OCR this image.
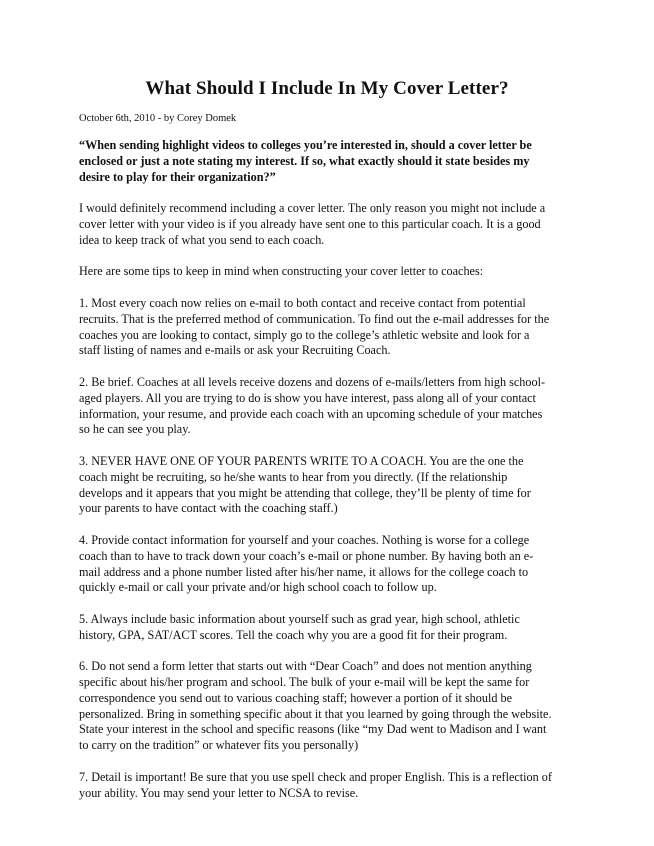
What Should I Include In My Cover Letter?
October 6th, 2010 - by Corey Domek

“When sending highlight videos to colleges you’re interested in, should a cover letter be
enclosed or just a note stating my interest. If so, what exactly should it state besides my
desire to play for their organization?”

I would definitely recommend including a cover letter. The only reason you might not include a
cover letter with your video is if you already have sent one to this particular coach. It is a good
idea to keep track of what you send to each coach.

Here are some tips to keep in mind when constructing your cover letter to coaches:

1. Most every coach now relies on e-mail to both contact and receive contact from potential
recruits. That is the preferred method of communication. To find out the e-mail addresses for the
coaches you are looking to contact, simply go to the college’s athletic website and look for a
staff listing of names and e-mails or ask your Recruiting Coach.

2. Be brief. Coaches at all levels receive dozens and dozens of e-mails/letters from high school-
aged players. All you are trying to do is show you have interest, pass along all of your contact
information, your resume, and provide each coach with an upcoming schedule of your matches
so he can see you play.

3. NEVER HAVE ONE OF YOUR PARENTS WRITE TO A COACH. You are the one the
coach might be recruiting, so he/she wants to hear from you directly. (If the relationship
develops and it appears that you might be attending that college, they’ll be plenty of time for
your parents to have contact with the coaching staff.)

4. Provide contact information for yourself and your coaches. Nothing is worse for a college
coach than to have to track down your coach’s e-mail or phone number. By having both an e-
mail address and a phone number listed after his/her name, it allows for the college coach to
quickly e-mail or call your private and/or high school coach to follow up.

5. Always include basic information about yourself such as grad year, high school, athletic
history, GPA, SAT/ACT scores. Tell the coach why you are a good fit for their program.

6. Do not send a form letter that starts out with “Dear Coach” and does not mention anything
specific about his/her program and school. The bulk of your e-mail will be kept the same for
correspondence you send out to various coaching staff; however a portion of it should be
personalized. Bring in something specific about it that you learned by going through the website.
State your interest in the school and specific reasons (like “my Dad went to Madison and I want
to carry on the tradition” or whatever fits you personally)

7. Detail is important! Be sure that you use spell check and proper English. This is a reflection of
your ability. You may send your letter to NCSA to revise.
